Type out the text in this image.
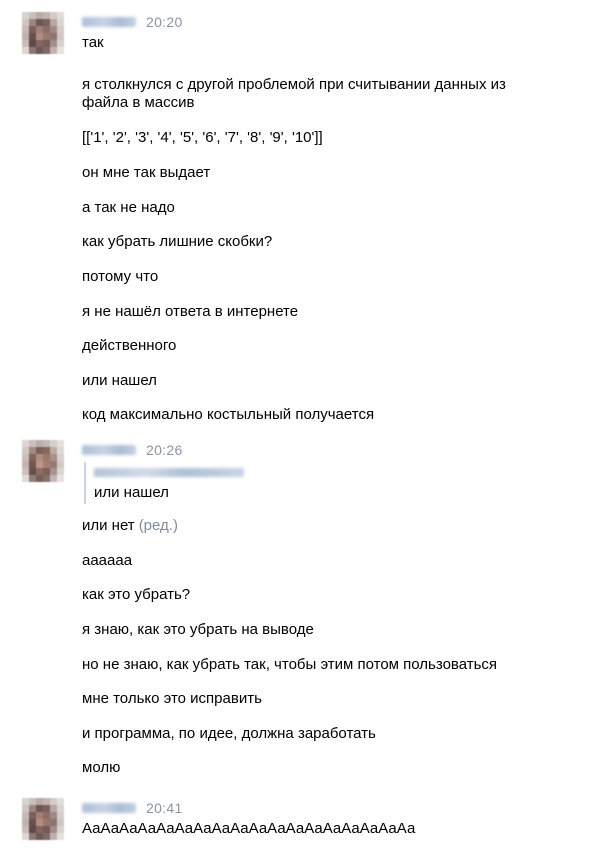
20:20
так
я столкнулся с другой проблемой при считывании данных из
файла в массив
[['1', '2', '3', '4', '5', '6', '7', '8', '9', '10']]
он мне так выдает
а так не надо
как убрать лишние скобки?
потому что
я не нашёл ответа в интернете
действенного
или нашел
код максимально костыльный получается
20:26
или нашел
или нет (ред.)
аааааа
как это убрать?
я знаю, как это убрать на выводе
но не знаю, как убрать так, чтобы этим потом пользоваться
мне только это исправить
и программа, по идее, должна заработать
молю
20:41
АаАаАаАаАаАаАаАаАаАаАаАаАаАаАаАаАаАа
